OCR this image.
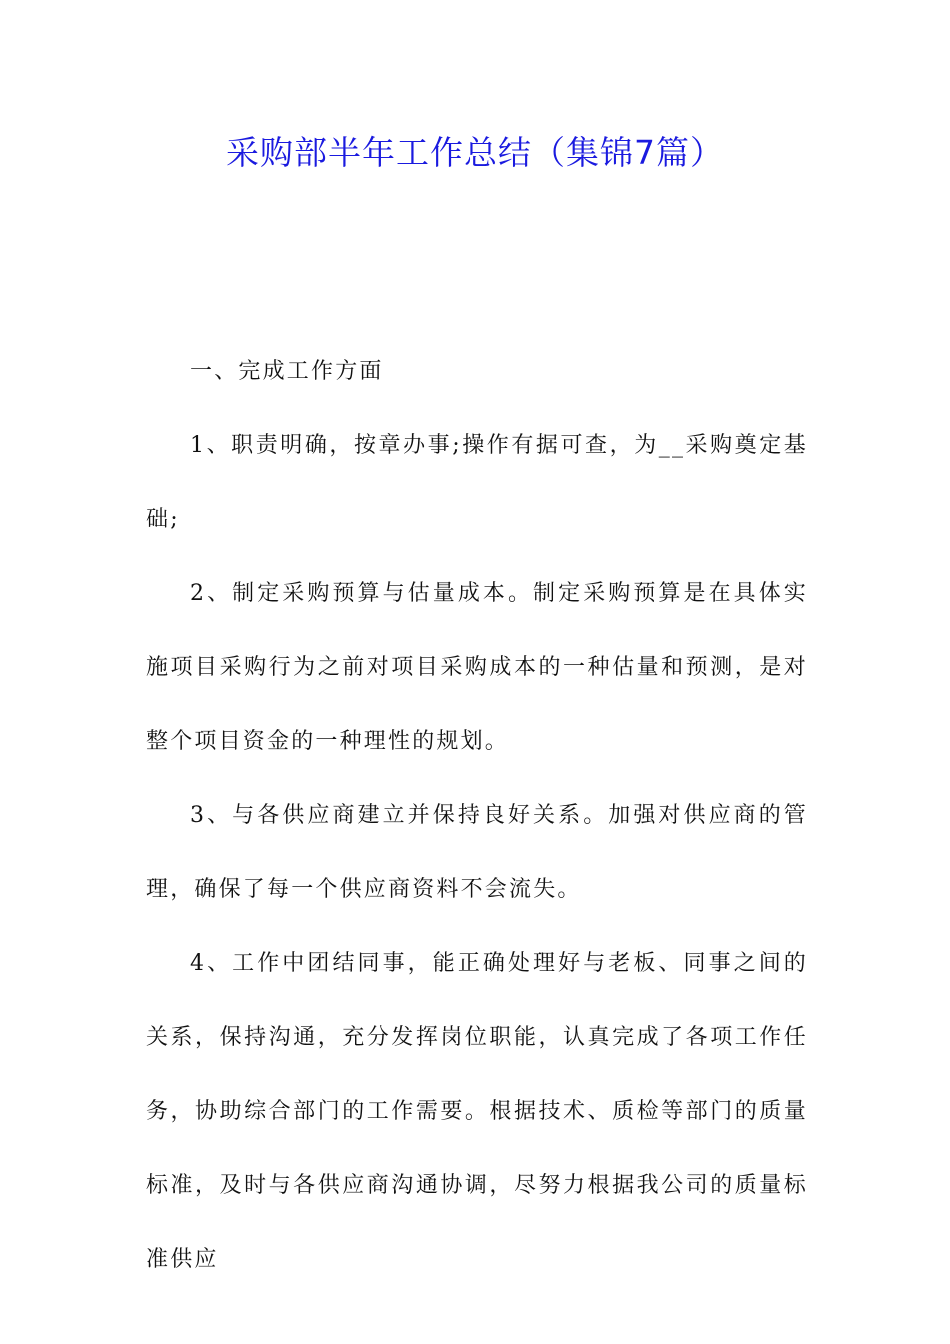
采购部半年工作总结（集锦7篇）

一、完成工作方面

1、职责明确，按章办事;操作有据可查，为__采购奠定基础;

2、制定采购预算与估量成本。制定采购预算是在具体实施项目采购行为之前对项目采购成本的一种估量和预测，是对整个项目资金的一种理性的规划。

3、与各供应商建立并保持良好关系。加强对供应商的管理，确保了每一个供应商资料不会流失。

4、工作中团结同事，能正确处理好与老板、同事之间的关系，保持沟通，充分发挥岗位职能，认真完成了各项工作任务，协助综合部门的工作需要。根据技术、质检等部门的质量标准，及时与各供应商沟通协调，尽努力根据我公司的质量标准供应
